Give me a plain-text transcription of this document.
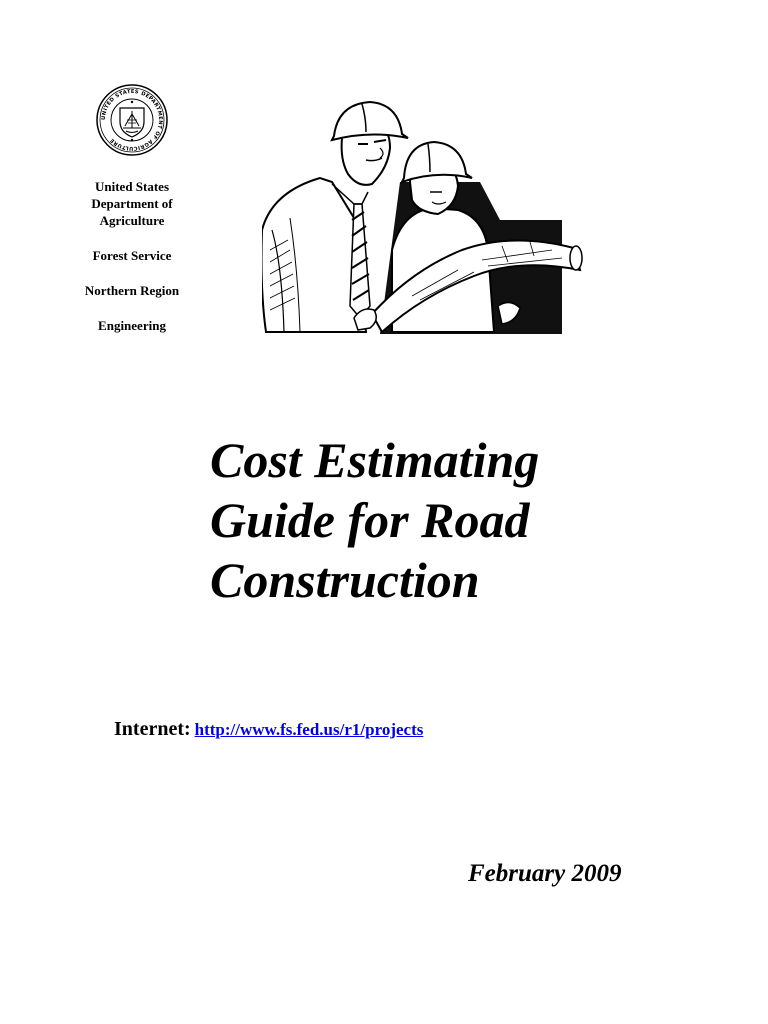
UNITED STATES DEPARTMENT OF AGRICULTURE
United States Department of Agriculture
Forest Service
Northern Region
Engineering
Cost Estimating
Guide for Road
Construction
Internet: http://www.fs.fed.us/r1/projects
February 2009
